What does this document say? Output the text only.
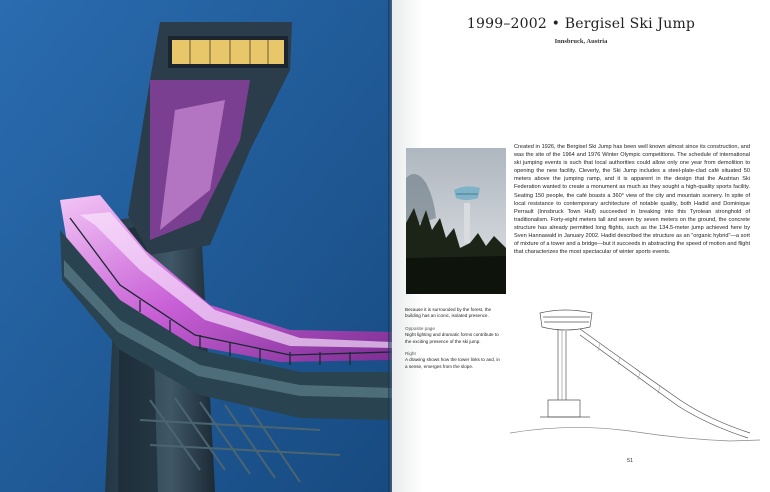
1999–2002 • Bergisel Ski Jump
Innsbruck, Austria

Created in 1926, the Bergisel Ski Jump has been well known almost since its construction, and was the site of the 1964 and 1976 Winter Olympic competitions. The schedule of international ski jumping events is such that local authorities could allow only one year from demolition to opening the new facility. Cleverly, the Ski Jump includes a steel-plate-clad café situated 50 meters above the jumping ramp, and it is apparent in the design that the Austrian Ski Federation wanted to create a monument as much as they sought a high-quality sports facility. Seating 150 people, the café boasts a 360° view of the city and mountain scenery. In spite of local resistance to contemporary architecture of notable quality, both Hadid and Dominique Perrault (Innsbruck Town Hall) succeeded in breaking into this Tyrolean stronghold of traditionalism. Forty-eight meters tall and seven by seven meters on the ground, the concrete structure has already permitted long flights, such as the 134.5-meter jump achieved here by Sven Hannawald in January 2002. Hadid described the structure as an “organic hybrid”—a sort of mixture of a tower and a bridge—but it succeeds in abstracting the speed of motion and flight that characterizes the most spectacular of winter sports events.

Because it is surrounded by the forest, the building has an iconic, isolated presence.

Opposite page

Night lighting and dramatic forms contribute to the exciting presence of the ski jump.

Right

A drawing shows how the tower links to and, in a sense, emerges from the slope.

51
